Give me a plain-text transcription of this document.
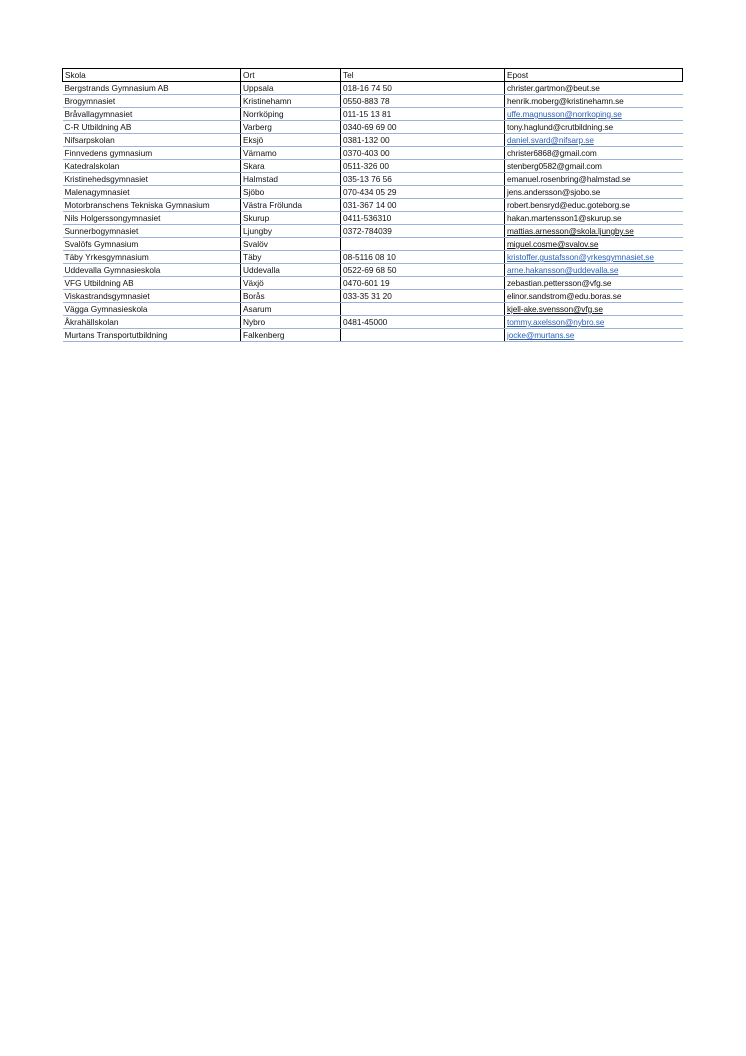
Skola	Ort	Tel	Epost
Bergstrands Gymnasium AB	Uppsala	018-16 74 50	christer.gartmon@beut.se
Brogymnasiet	Kristinehamn	0550-883 78	henrik.moberg@kristinehamn.se
Bråvallagymnasiet	Norrköping	011-15 13 81	uffe.magnusson@norrkoping.se
C-R Utbildning AB	Varberg	0340-69 69 00	tony.haglund@crutbildning.se
Nifsarpskolan	Eksjö	0381-132 00	daniel.svard@nifsarp.se
Finnvedens gymnasium	Värnamo	0370-403 00	christer6868@gmail.com
Katedralskolan	Skara	0511-326 00	stenberg0582@gmail.com
Kristinehedsgymnasiet	Halmstad	035-13 76 56	emanuel.rosenbring@halmstad.se
Malenagymnasiet	Sjöbo	070-434 05 29	jens.andersson@sjobo.se
Motorbranschens Tekniska Gymnasium	Västra Frölunda	031-367 14 00	robert.bensryd@educ.goteborg.se
Nils Holgerssongymnasiet	Skurup	0411-536310	hakan.martensson1@skurup.se
Sunnerbogymnasiet	Ljungby	0372-784039	mattias.arnesson@skola.ljungby.se
Svalöfs Gymnasium	Svalöv		miguel.cosme@svalov.se
Täby Yrkesgymnasium	Täby	08-5116 08 10	kristoffer.gustafsson@yrkesgymnasiet.se
Uddevalla Gymnasieskola	Uddevalla	0522-69 68 50	arne.hakansson@uddevalla.se
VFG Utbildning AB	Växjö	0470-601 19	zebastian.pettersson@vfg.se
Viskastrandsgymnasiet	Borås	033-35 31 20	elinor.sandstrom@edu.boras.se
Vägga Gymnasieskola	Asarum		kjell-ake.svensson@vfg.se
Åkrahällskolan	Nybro	0481-45000	tommy.axelsson@nybro.se
Murtans Transportutbildning	Falkenberg		jocke@murtans.se
